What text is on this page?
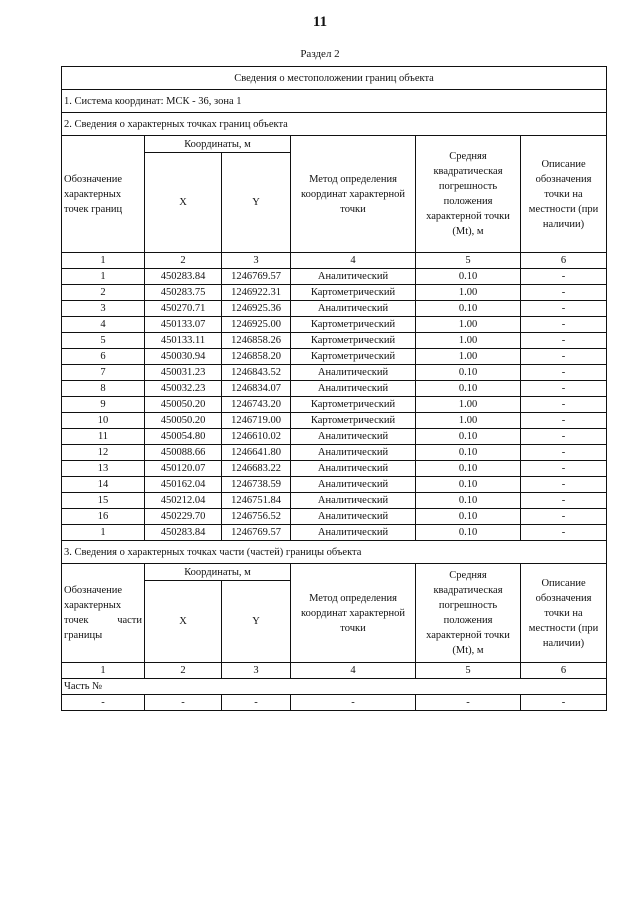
11
Раздел 2
Сведения о местоположении границ объекта					
1. Система координат: МСК - 36, зона 1					
2. Сведения о характерных точках границ объекта					
Обозначение характерных точек границ	Координаты, м		Метод определения координат характерной точки	Средняя квадратическая погрешность положения характерной точки (Mt), м	Описание обозначения точки на местности (при наличии)
	X	Y			
1	2	3	4	5	6
1	450283.84	1246769.57	Аналитический	0.10	-
2	450283.75	1246922.31	Картометрический	1.00	-
3	450270.71	1246925.36	Аналитический	0.10	-
4	450133.07	1246925.00	Картометрический	1.00	-
5	450133.11	1246858.26	Картометрический	1.00	-
6	450030.94	1246858.20	Картометрический	1.00	-
7	450031.23	1246843.52	Аналитический	0.10	-
8	450032.23	1246834.07	Аналитический	0.10	-
9	450050.20	1246743.20	Картометрический	1.00	-
10	450050.20	1246719.00	Картометрический	1.00	-
11	450054.80	1246610.02	Аналитический	0.10	-
12	450088.66	1246641.80	Аналитический	0.10	-
13	450120.07	1246683.22	Аналитический	0.10	-
14	450162.04	1246738.59	Аналитический	0.10	-
15	450212.04	1246751.84	Аналитический	0.10	-
16	450229.70	1246756.52	Аналитический	0.10	-
1	450283.84	1246769.57	Аналитический	0.10	-
3. Сведения о характерных точках части (частей) границы объекта					
Обозначение характерных точек части границы	Координаты, м		Метод определения координат характерной точки	Средняя квадратическая погрешность положения характерной точки (Mt), м	Описание обозначения точки на местности (при наличии)
	X	Y			
1	2	3	4	5	6
Часть №					
-	-	-	-	-	-
